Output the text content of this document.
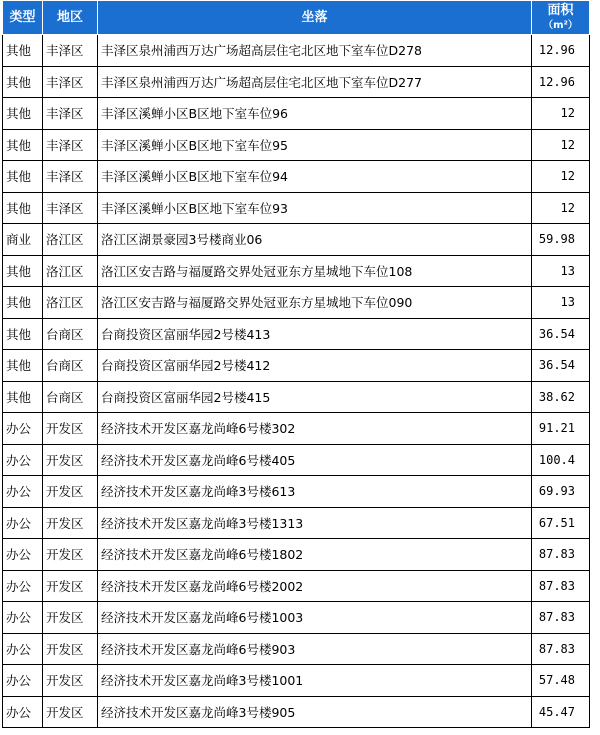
类型	地区	坐落	面积
（m²）

其他	丰泽区	丰泽区泉州浦西万达广场超高层住宅北区地下室车位D278	12.96
其他	丰泽区	丰泽区泉州浦西万达广场超高层住宅北区地下室车位D277	12.96
其他	丰泽区	丰泽区溪蝉小区B区地下室车位96	12
其他	丰泽区	丰泽区溪蝉小区B区地下室车位95	12
其他	丰泽区	丰泽区溪蝉小区B区地下室车位94	12
其他	丰泽区	丰泽区溪蝉小区B区地下室车位93	12
商业	洛江区	洛江区湖景豪园3号楼商业06	59.98
其他	洛江区	洛江区安吉路与福厦路交界处冠亚东方星城地下车位108	13
其他	洛江区	洛江区安吉路与福厦路交界处冠亚东方星城地下车位090	13
其他	台商区	台商投资区富丽华园2号楼413	36.54
其他	台商区	台商投资区富丽华园2号楼412	36.54
其他	台商区	台商投资区富丽华园2号楼415	38.62
办公	开发区	经济技术开发区嘉龙尚峰6号楼302	91.21
办公	开发区	经济技术开发区嘉龙尚峰6号楼405	100.4
办公	开发区	经济技术开发区嘉龙尚峰3号楼613	69.93
办公	开发区	经济技术开发区嘉龙尚峰3号楼1313	67.51
办公	开发区	经济技术开发区嘉龙尚峰6号楼1802	87.83
办公	开发区	经济技术开发区嘉龙尚峰6号楼2002	87.83
办公	开发区	经济技术开发区嘉龙尚峰6号楼1003	87.83
办公	开发区	经济技术开发区嘉龙尚峰6号楼903	87.83
办公	开发区	经济技术开发区嘉龙尚峰3号楼1001	57.48
办公	开发区	经济技术开发区嘉龙尚峰3号楼905	45.47
